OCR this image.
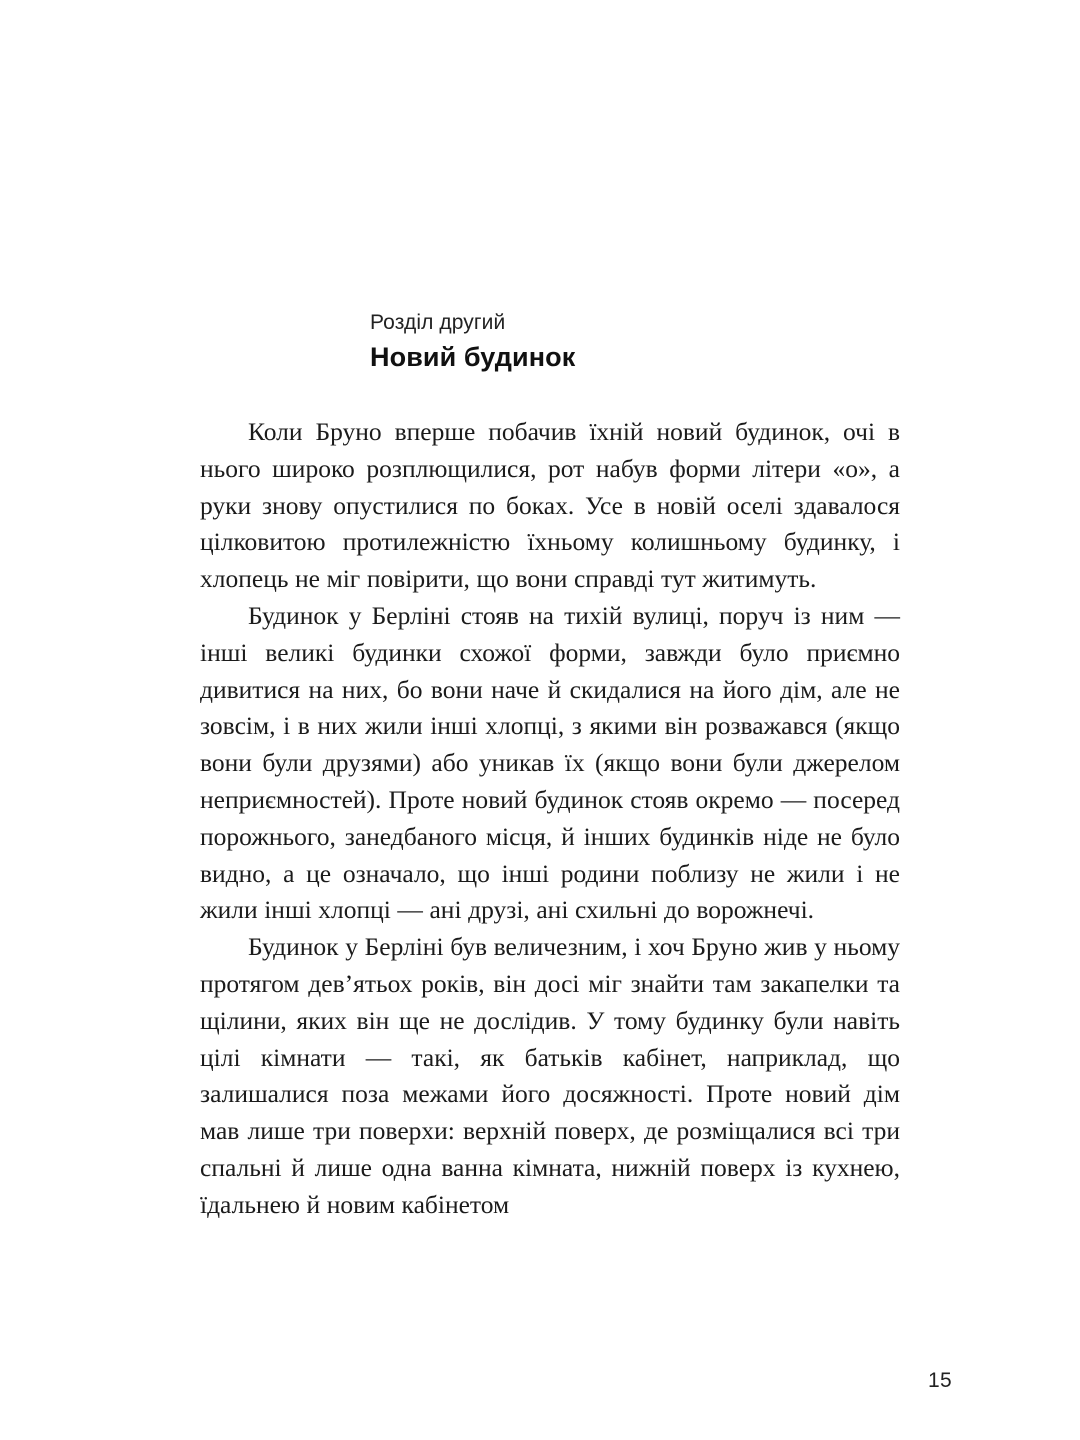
Розділ другий
Новий будинок

Коли Бруно вперше побачив їхній новий будинок, очі в нього широко розплющилися, рот набув форми літери «о», а руки знову опустилися по боках. Усе в новій оселі здавалося цілковитою протилежністю їхньому колишньому будинку, і хлопець не міг повірити, що вони справді тут житимуть.

Будинок у Берліні стояв на тихій вулиці, поруч із ним — інші великі будинки схожої форми, завжди було приємно дивитися на них, бо вони наче й скидалися на його дім, але не зовсім, і в них жили інші хлопці, з якими він розважався (якщо вони були друзями) або уникав їх (якщо вони були джерелом неприємностей). Проте новий будинок стояв окремо — посеред порожнього, занедбаного місця, й інших будинків ніде не було видно, а це означало, що інші родини поблизу не жили і не жили інші хлопці — ані друзі, ані схильні до ворожнечі.

Будинок у Берліні був величезним, і хоч Бруно жив у ньому протягом дев’ятьох років, він досі міг знайти там закапелки та щілини, яких він ще не дослідив. У тому будинку були навіть цілі кімнати — такі, як батьків кабінет, наприклад, що залишалися поза межами його досяжності. Проте новий дім мав лише три поверхи: верхній поверх, де розміщалися всі три спальні й лише одна ванна кімната, нижній поверх із кухнею, їдальнею й новим кабінетом

15
